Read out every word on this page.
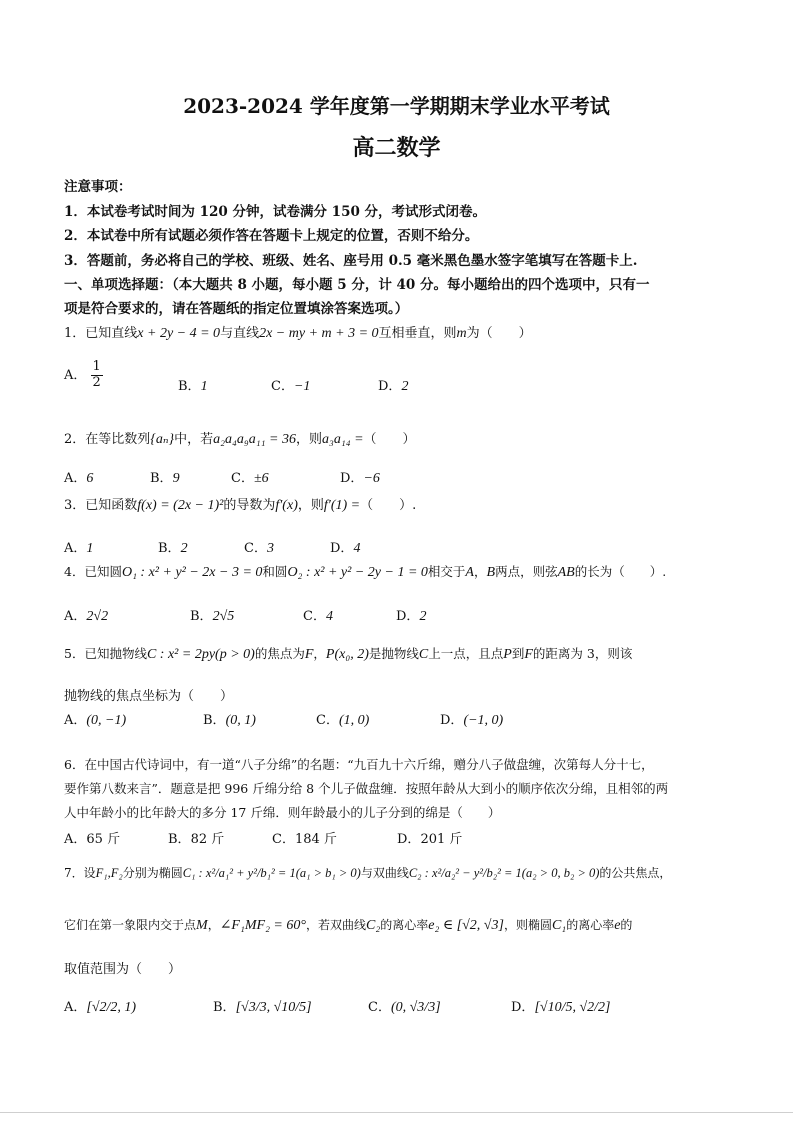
2023-2024 学年度第一学期期末学业水平考试
高二数学
注意事项：
1．本试卷考试时间为 120 分钟，试卷满分 150 分，考试形式闭卷。
2．本试卷中所有试题必须作答在答题卡上规定的位置，否则不给分。
3．答题前，务必将自己的学校、班级、姓名、座号用 0.5 毫米黑色墨水签字笔填写在答题卡上.
一、单项选择题：（本大题共 8 小题，每小题 5 分，计 40 分。每小题给出的四个选项中，只有一
项是符合要求的，请在答题纸的指定位置填涂答案选项。）
1．已知直线x + 2y − 4 = 0与直线2x − my + m + 3 = 0互相垂直，则m为（　　）
A． $\frac{1}{2}$	B．1	C．−1	D．2
2．在等比数列{aₙ}中，若a₂a₄a₉a₁₁ = 36，则a₃a₁₄ =（　　）
A．6	B．9	C．±6	D．−6
3．已知函数f(x) = (2x − 1)²的导数为f′(x)，则f′(1) =（　　）.
A．1	B．2	C．3	D．4
4．已知圆O₁ : x² + y² − 2x − 3 = 0和圆O₂ : x² + y² − 2y − 1 = 0相交于A，B两点，则弦AB的长为（　　）.
A．2√2	B．2√5	C．4	D．2
5．已知抛物线C : x² = 2py(p > 0)的焦点为F，P(x₀, 2)是抛物线C上一点，且点P到F的距离为 3，则该
抛物线的焦点坐标为（　　）
A．(0, −1)	B．(0, 1)	C．(1, 0)	D．(−1, 0)
6．在中国古代诗词中，有一道“八子分绵”的名题：“九百九十六斤绵，赠分八子做盘缠，次第每人分十七，
要作第八数来言”．题意是把 996 斤绵分给 8 个儿子做盘缠．按照年龄从大到小的顺序依次分绵，且相邻的两
人中年龄小的比年龄大的多分 17 斤绵．则年龄最小的儿子分到的绵是（　　）
A．65 斤	B．82 斤	C．184 斤	D．201 斤
7．设F₁,F₂分别为椭圆C₁ : x²/a₁² + y²/b₁² = 1(a₁ > b₁ > 0)与双曲线C₂ : x²/a₂² − y²/b₂² = 1(a₂ > 0, b₂ > 0)的公共焦点，
它们在第一象限内交于点M，∠F₁MF₂ = 60°，若双曲线C₂的离心率e₂ ∈ [√2, √3]，则椭圆C₁的离心率e的
取值范围为（　　）
A．[√2/2, 1)	B．[√3/3, √10/5]	C．(0, √3/3]	D．[√10/5, √2/2]
